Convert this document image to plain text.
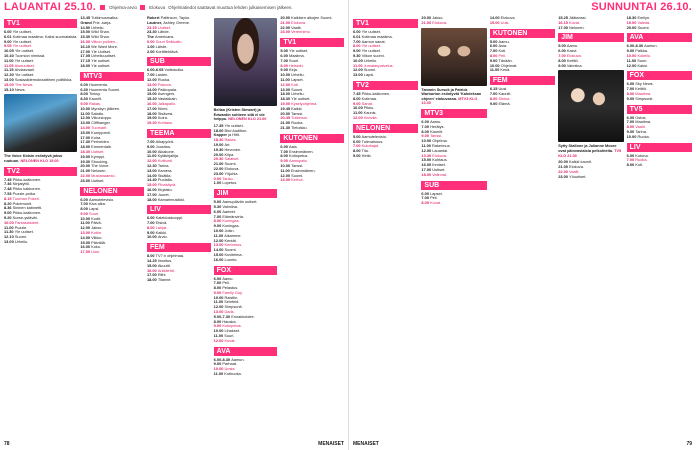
LAUANTAI 25.10.	Ohjelma-arvio	Elokuva Ohjelmatiedot saattavat muuttua lehden julkaisemisen jälkeen.
TV1
6.00 Yle uutiset.
6.01 Kotimaa maailma: Kaksi suomalaista.
9.00 Yle uutiset.
9.05 Yle uutiset.
10.05 Yle uutiset.
10.40 Tuomion nimissä.
11.00 Yle uutiset.
11.05 Alueuutiset.
11.15 Ahdasvaali.
12.30 Yle uutiset.
13.00 Sosiaalidemokraattinen politiikka.
15.00 The News.
15.10 News.
The Voice Kidsin esiintyvä jakso ruutuun. NELONEN KLO 19.00
TV2
7.45 Pikku-kakkonen.
7.46 Ninjatyttö.
7.48 Pikku kakkonen.
7.53 Puzzle-poika.
8.15 Tuomari Pokeri.
8.20 Pokémonit.
8.36 Sininen kabinetti.
9.00 Pikku-kakkonen.
9.20 Norse-ystävät.
10.00 Fantasialueet.
11.00 Puzzle.
11.30 Yle uutiset.
12.10 Suomi.
13.00 Urheilu.
13.45 Tutkimusmatka.
Grand Prix -sarja.
14.50 Urheilu.
15.00 Wild Shan.
15.30 Wild Shan.
16.00 Viikon poikien...
16.10 We Want More.
17.00 Yle Uutiset.
17.05 Urheiluuutiset.
17.15 Yle uutiset.
18.00 Yle uutiset.
MTV3
6.00 Huomenta.
6.30 Huomenta Suomi.
8.00 Tinksy.
8.30 Kauniit.
9.00 Rakas.
10.00 Myrskyn jälkeen.
11.00 Salattu.
12.00 Viikonloppu.
13.00 Cliffhanger.
14.00 Tuomarit.
15.00 Kumppanit.
17.00 Koira.
17.30 Perheiden.
18.00 Emmerdale.
18.30 Uutiset.
19.00 Kymppi.
19.30 Shocking.
20.00 The Voice.
21.00 Nelosen.
22.00 Mustanaamio.
23.00 Uutiset.
NELONEN
6.00 Aamutelevisio.
7.00 Kiva aika.
8.00 Lapsi.
9.00 Suuri.
10.00 Kodit.
11.00 Päivä.
12.00 Jakso.
13.00 Kotiin.
14.00 Viikko.
15.00 Päivällä.
16.00 Koko.
17.00 Uusi.
Robert Pattinson, Taylor.
Lautner, Ashley Greene.
23.15 Uutiset.
23.30 Lähde.
The Americans.
0.00 Suuri Seikkailu.
1.00 Lähde.
2.00 Korttitehtävä.
SUB
6.00-6.05 Voittokulku.
7.00 Lasten.
12.00 Ruoka.
13.00 Pakoon.
14.00 Pakkopala.
15.00 Avengers.
15.20 Vastakkain.
16.00 Jalkapallo.
17.00 Kiinni.
18.00 Sisävesi.
19.00 Koira.
19.30 Kohtaus.
TEEMA
7.00 Aikapyörä.
9.00 Jousitus.
10.00 Aikakone.
11.00 Kyläkirjailija.
12.00 Kotitunti.
12.30 Tarina.
13.00 Kamera.
14.00 Sisätila.
14.40 Puolalla.
15.00 Pihakäyrä.
16.00 Kirjaisto.
17.00 Juuret.
18.00 Kamarimusiikki.
LIV
6.00 Kaleidoskooppi.
7.00 Etsivä.
8.00 Lahjat.
9.00 Kaikki.
10.00 Arvio.
FEM
8.00 TV7:n ohjelmaa.
14.25 Ilmoitus.
15.00 Akuutti.
16.00 Arkkitehti.
17.00 Riihi.
18.00 Tilanne.
Bellan (Kristen Stewart) ja Edwardin suhteen sitä ei ole helppo. NELONEN KLO 21.00
17.35 Yle uutiset.
18.00 Bird Audition.
Kapper ja Hitit.
18.30 Rakas.
19.00 Art.
19.30 Hevonen.
20.00 Kilpa.
20.30 Salaiset.
21.00 Suomi.
22.00 Elokuva.
23.00 Yöjuhla.
0.00 Tauko.
1.00 Lopetus.
JIM
5.00 Aamupäivän uutiset.
5.30 Valmiina.
6.00 Aarteet.
7.00 Elämänvirta.
8.00 Kuningas.
9.00 Kuningas.
10.00 Jokin.
11.00 Aikamme.
12.00 Kentät.
13.00 Kertomus.
14.00 Suomi.
15.00 Kuvitelma.
16.00 Luonto.
FOX
6.00 Aamu.
7.00 Peli.
8.00 Pelastus.
9.00 Family Guy.
10.00 Raistlin.
11.00 Seinfeld.
12.00 Simpsonit.
13.00 Dads.
5.00-7.30 Ennakkoidee.
8.00 Hauska.
9.00 Kotiopetus.
10.00 Lihakset.
11.00 Suuri.
12.00 Kuvat.
AVA
6.00-8.30 Aamun.
9.00 Parhaat.
10.00 Uusia.
11.00 Kotiruoka.
20.00 Kaikkien aikojen Suomi.
21.00 Elokuva.
22.00 Vaalit.
23.00 Verenhimo.
TV1
5.00 Yle uutiset.
6.00 Maailma.
7.00 Suuri.
8.00 Helsinki.
9.00 Kirja.
10.00 Urheilu.
11.00 Lapset.
12.00 Koti.
13.00 Suomi.
18.00 Urheilu.
18.30 Yle uutiset.
19.00 Kyselyohjelma.
19.45 Kaikki.
20.00 Tanssi.
20.45 Tutkimus.
21.00 Ruoka.
21.30 Tietoisku.
KUTONEN
6.00 Asia.
7.00 Ensimmäinen.
8.00 Kotiopetus.
9.00 Aamupala.
10.00 Tanssi.
11.00 Ensimmäinen.
12.00 Suomi.
13.00 Kerhot.
78	MENAISET
SUNNUNTAI 26.10.
TV1
6.00 Yle uutiset.
6.01 Kotimaa maailma.
7.00 Aamun sanat.
8.00 Yle uutiset.
9.00 Yle uutiset.
9.30 Viikon suomi.
10.00 Urheilu.
11.00 Jumalanpalvelus.
12.00 Suomi.
13.00 Lapsi.
TV2
7.45 Pikku-kakkonen.
8.00 Kotimaa.
9.00 Sanat.
10.00 Pikku.
11.00 Kaunis.
12.00 Kahvila.
NELONEN
5.00 Aamutelevisio.
6.00 Tulevaisuus.
7.00 Kuluttajat.
8.00 Tila.
9.00 Hetki.
20.00 Jakso.
21.00 Elokuva.
Tammin Sursok ja Patrick Warburton esiintyvät 'Kahdeksan ohjeen' elokuvassa. MTV3 KLO 13.30
MTV3
6.00 Aamu.
7.00 Herätys.
8.00 Kauniit.
9.00 Tanssi.
10.00 Ohjelma.
11.00 Rakennus.
12.00 Lauantai.
13.30 Elokuva.
15.00 Kohtaus.
16.00 Ihmiset.
17.00 Uutiset.
18.00 Valinnat.
SUB
6.00 Lapset.
7.00 Peli.
8.00 Kuvat.
14.00 Elokuva.
15.00 Uusi.
KUTONEN
5.00 Aamu.
6.00 Asia.
7.00 Koti.
8.00 Peli.
9.00 Tänään.
10.00 Ohjelmat.
11.00 Kesä.
FEM
6.15 Uusi.
7.00 Kauniit.
8.00 Sinkut.
9.00 Elämä.
15.25 Jäätanssi.
16.15 Kuvat.
17.00 Nelonen.
JIM
5.00 Aamu.
6.00 Kasvi.
7.00 Elokuva.
8.00 Keittiö.
9.00 Valmiina.
Sytty Stallone ja Julianne Moore ovat päinvastaisia pelkohteita. TV5 KLO 21.00
20.00 Kaikki kaunit.
21.00 Elokuva.
22.00 Vaalit.
23.00 Yöuutiset.
18.30 Emilyn.
19.00 Valinta.
20.00 Suomi.
AVA
6.00-8.30 Aamun.
9.00 Palkka.
10.00 Kokeilu.
11.00 Suuri.
12.00 Kaksi.
FOX
6.00 Sky News.
7.00 Keittiö.
8.00 Maailma.
9.00 Simpsonit.
TV5
6.00 Ostos.
7.00 Maailma.
8.00 Vaalit.
9.00 Tarina.
10.00 Ruoka.
LIV
6.00 Kotona.
7.00 Ruoka.
8.00 Koti.
MENAISET	79
